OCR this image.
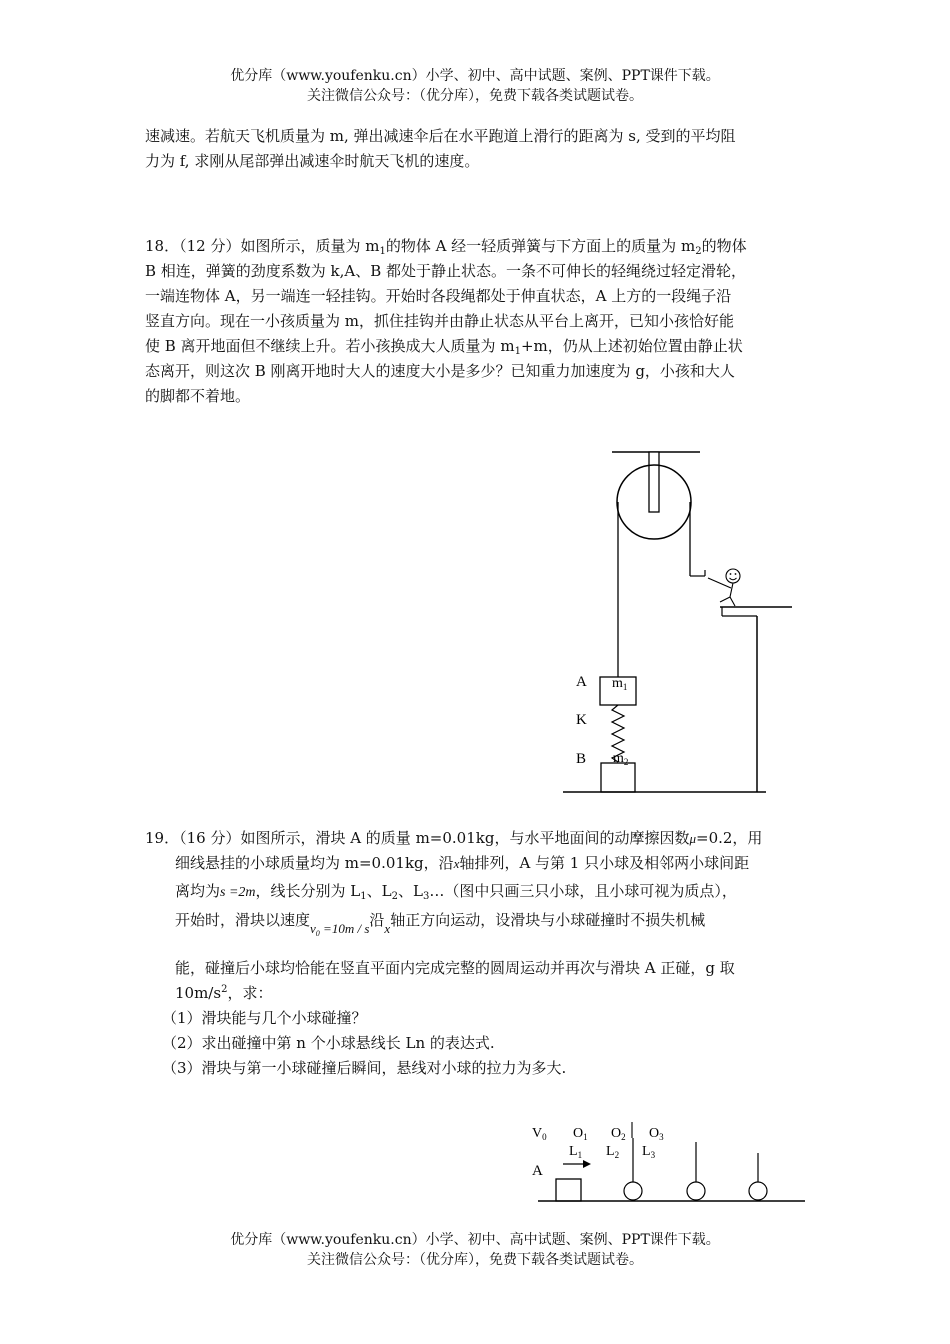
优分库（www.youfenku.cn）小学、初中、高中试题、案例、PPT课件下载。
关注微信公众号：（优分库），免费下载各类试题试卷。
速减速。若航天飞机质量为 m, 弹出减速伞后在水平跑道上滑行的距离为 s, 受到的平均阻
力为 f, 求刚从尾部弹出减速伞时航天飞机的速度。
18．（12 分）如图所示，质量为 $m_1$的物体 A 经一轻质弹簧与下方面上的质量为 $m_2$的物体
B 相连，弹簧的劲度系数为 k,A、B 都处于静止状态。一条不可伸长的轻绳绕过轻定滑轮，
一端连物体 A，另一端连一轻挂钩。开始时各段绳都处于伸直状态，A 上方的一段绳子沿
竖直方向。现在一小孩质量为 m，抓住挂钩并由静止状态从平台上离开，已知小孩恰好能
使 B 离开地面但不继续上升。若小孩换成大人质量为 $m_1+m$，仍从上述初始位置由静止状
态离开，则这次 B 刚离开地时大人的速度大小是多少？已知重力加速度为 g，小孩和大人
的脚都不着地。
A
K
B
$m_1$
$m_2$
19．（16 分）如图所示，滑块 A 的质量 m=0.01kg，与水平地面间的动摩擦因数μ=0.2，用
细线悬挂的小球质量均为 m=0.01kg，沿x轴排列，A 与第 1 只小球及相邻两小球间距
离均为s =2m，线长分别为 $L_1$、$L_2$、$L_3\dots$（图中只画三只小球，且小球可视为质点），
开始时，滑块以速度$v_0 =10m / s$沿x轴正方向运动，设滑块与小球碰撞时不损失机械
能，碰撞后小球均恰能在竖直平面内完成完整的圆周运动并再次与滑块 A 正碰，g 取
$10m/s^2$，求：
（1）滑块能与几个小球碰撞？
（2）求出碰撞中第 n 个小球悬线长 Ln 的表达式.
（3）滑块与第一小球碰撞后瞬间，悬线对小球的拉力为多大.
$V_0$ $O_1$ $O_2$ $O_3$
$L_1$ $L_2$ $L_3$
A
优分库（www.youfenku.cn）小学、初中、高中试题、案例、PPT课件下载。
关注微信公众号：（优分库），免费下载各类试题试卷。
